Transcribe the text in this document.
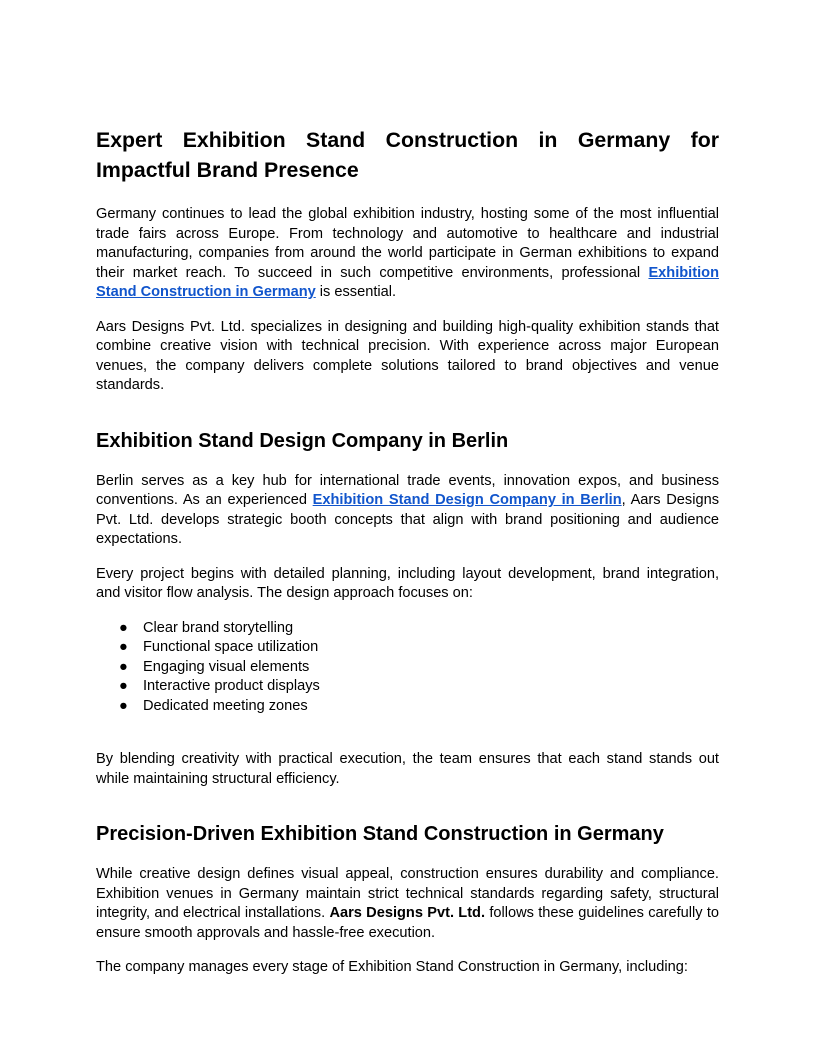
Expert Exhibition Stand Construction in Germany for Impactful Brand Presence

Germany continues to lead the global exhibition industry, hosting some of the most influential trade fairs across Europe. From technology and automotive to healthcare and industrial manufacturing, companies from around the world participate in German exhibitions to expand their market reach. To succeed in such competitive environments, professional Exhibition Stand Construction in Germany is essential.

Aars Designs Pvt. Ltd. specializes in designing and building high-quality exhibition stands that combine creative vision with technical precision. With experience across major European venues, the company delivers complete solutions tailored to brand objectives and venue standards.

Exhibition Stand Design Company in Berlin

Berlin serves as a key hub for international trade events, innovation expos, and business conventions. As an experienced Exhibition Stand Design Company in Berlin, Aars Designs Pvt. Ltd. develops strategic booth concepts that align with brand positioning and audience expectations.

Every project begins with detailed planning, including layout development, brand integration, and visitor flow analysis. The design approach focuses on:

● Clear brand storytelling
● Functional space utilization
● Engaging visual elements
● Interactive product displays
● Dedicated meeting zones

By blending creativity with practical execution, the team ensures that each stand stands out while maintaining structural efficiency.

Precision-Driven Exhibition Stand Construction in Germany

While creative design defines visual appeal, construction ensures durability and compliance. Exhibition venues in Germany maintain strict technical standards regarding safety, structural integrity, and electrical installations. Aars Designs Pvt. Ltd. follows these guidelines carefully to ensure smooth approvals and hassle-free execution.

The company manages every stage of Exhibition Stand Construction in Germany, including:
